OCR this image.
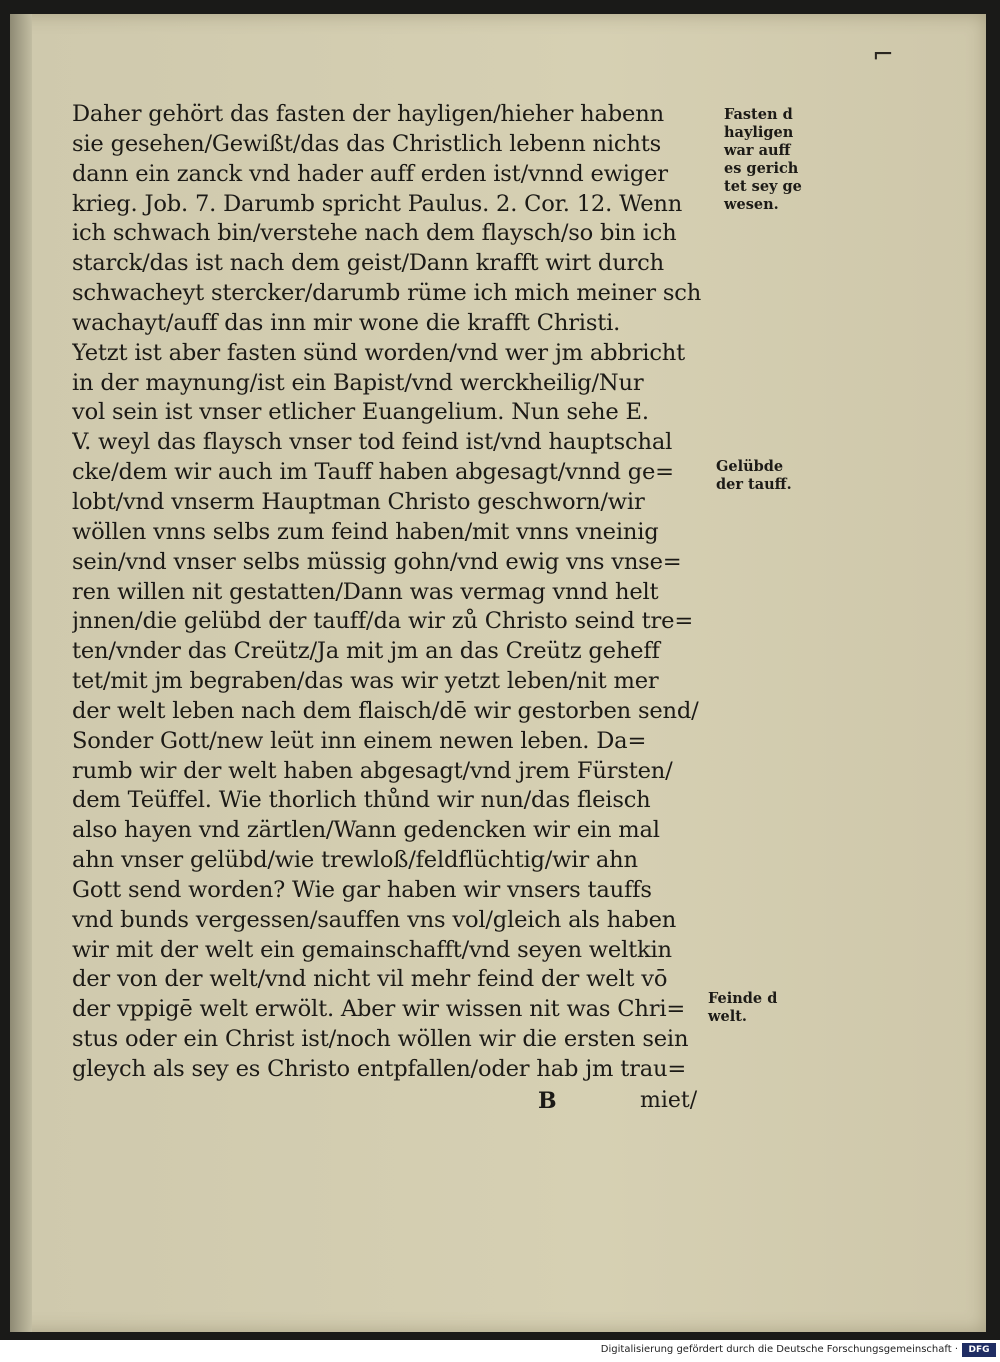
⌐
Daher gehört das fasten der hayligen/hieher habenn
sie gesehen/Gewißt/das das Christlich lebenn nichts
dann ein zanck vnd hader auff erden ist/vnnd ewiger
krieg. Job. 7. Darumb spricht Paulus. 2. Cor. 12. Wenn
ich schwach bin/verstehe nach dem flaysch/so bin ich
starck/das ist nach dem geist/Dann krafft wirt durch
schwacheyt stercker/darumb rüme ich mich meiner sch
wachayt/auff das inn mir wone die krafft Christi.
Yetzt ist aber fasten sünd worden/vnd wer jm abbricht
in der maynung/ist ein Bapist/vnd werckheilig/Nur
vol sein ist vnser etlicher Euangelium. Nun sehe E.
V. weyl das flaysch vnser tod feind ist/vnd hauptschal
cke/dem wir auch im Tauff haben abgesagt/vnnd ge=
lobt/vnd vnserm Hauptman Christo geschworn/wir
wöllen vnns selbs zum feind haben/mit vnns vneinig
sein/vnd vnser selbs müssig gohn/vnd ewig vns vnse=
ren willen nit gestatten/Dann was vermag vnnd helt
jnnen/die gelübd der tauff/da wir zů Christo seind tre=
ten/vnder das Creütz/Ja mit jm an das Creütz geheff
tet/mit jm begraben/das was wir yetzt leben/nit mer
der welt leben nach dem flaisch/dē wir gestorben send/
Sonder Gott/new leüt inn einem newen leben. Da=
rumb wir der welt haben abgesagt/vnd jrem Fürsten/
dem Teüffel. Wie thorlich thůnd wir nun/das fleisch
also hayen vnd zärtlen/Wann gedencken wir ein mal
ahn vnser gelübd/wie trewloß/feldflüchtig/wir ahn
Gott send worden? Wie gar haben wir vnsers tauffs
vnd bunds vergessen/sauffen vns vol/gleich als haben
wir mit der welt ein gemainschafft/vnd seyen weltkin
der von der welt/vnd nicht vil mehr feind der welt vō
der vppigē welt erwölt. Aber wir wissen nit was Chri=
stus oder ein Christ ist/noch wöllen wir die ersten sein
gleych als sey es Christo entpfallen/oder hab jm trau=
Fasten d
hayligen
war auff
es gerich
tet sey ge
wesen.
Gelübde
der tauff.
Feinde d
welt.
B	miet/
Digitalisierung gefördert durch die Deutsche Forschungsgemeinschaft ·	DFG
